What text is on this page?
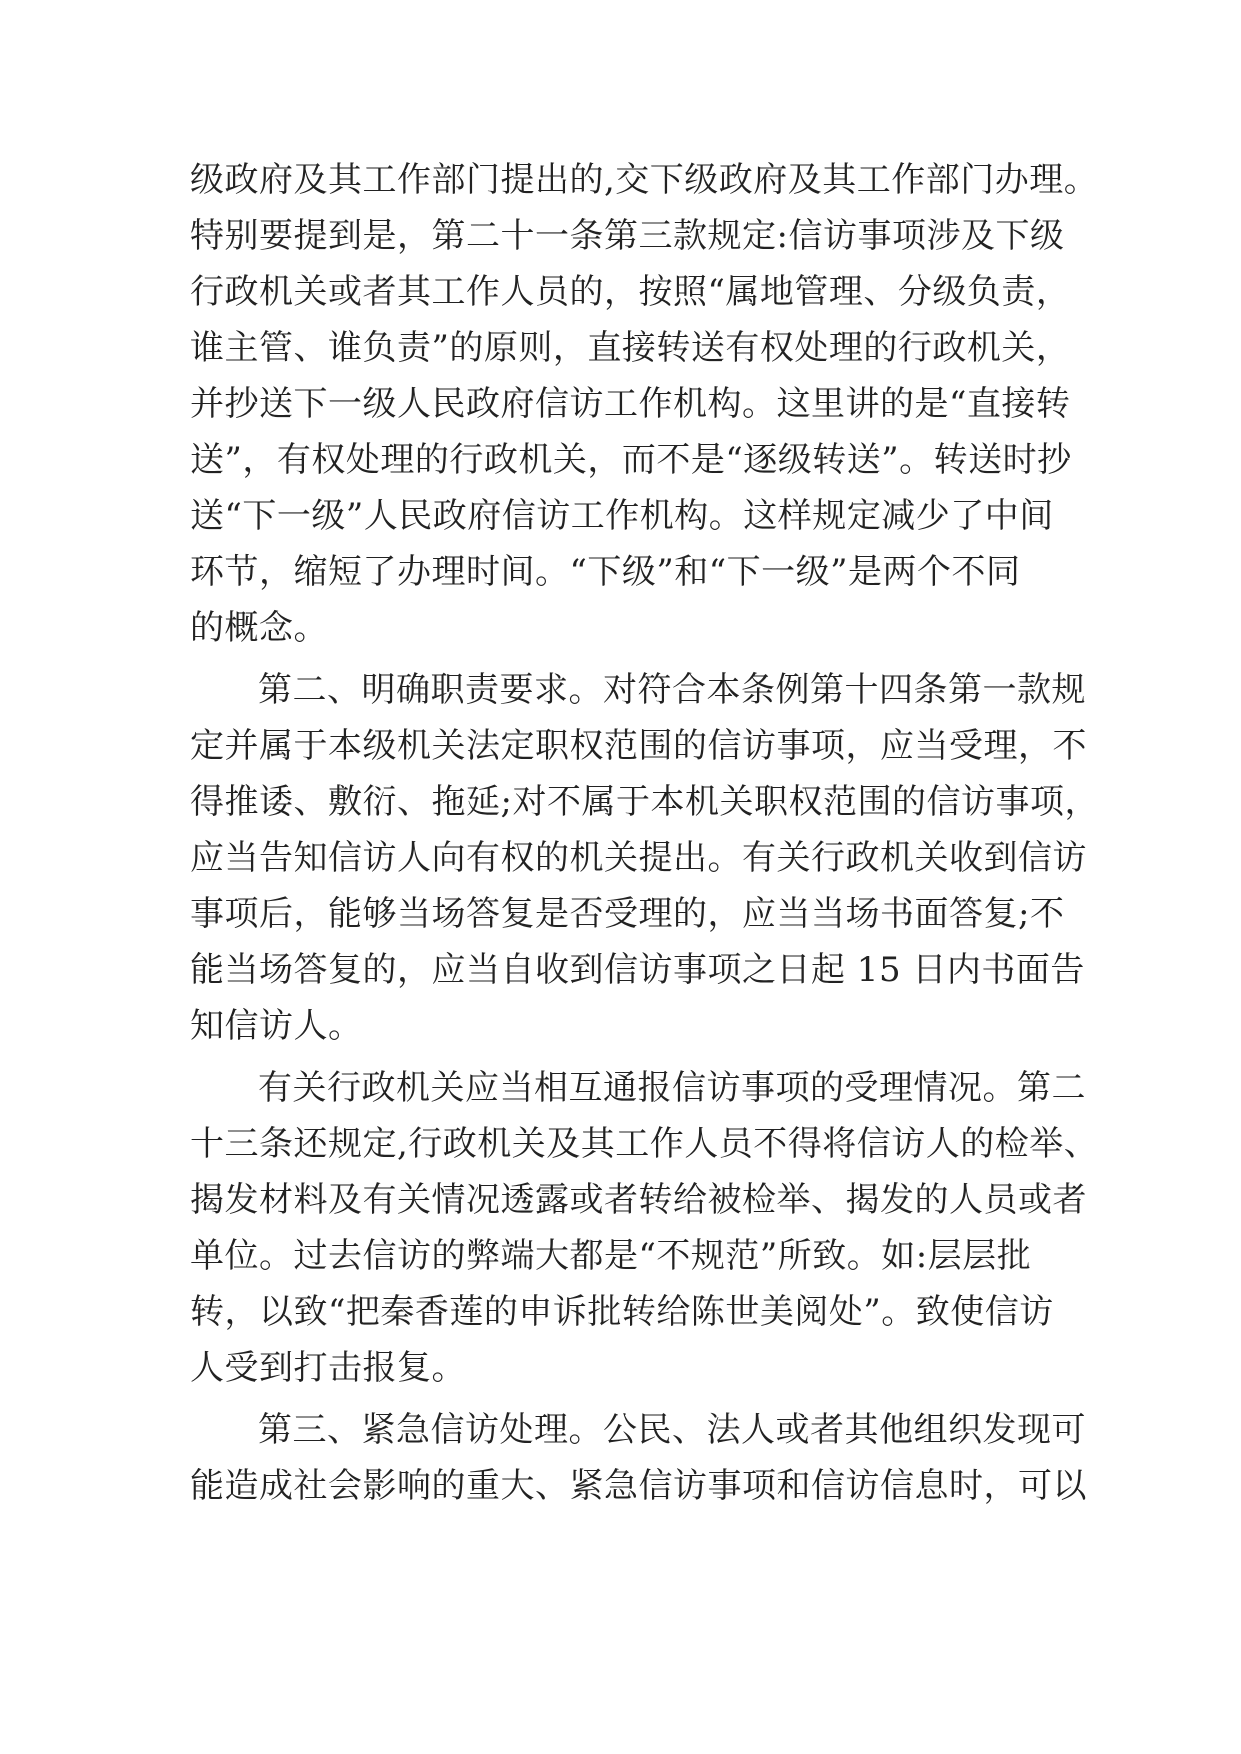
级政府及其工作部门提出的,交下级政府及其工作部门办理。
特别要提到是，第二十一条第三款规定:信访事项涉及下级
行政机关或者其工作人员的，按照“属地管理、分级负责，
谁主管、谁负责”的原则，直接转送有权处理的行政机关，
并抄送下一级人民政府信访工作机构。这里讲的是“直接转
送”，有权处理的行政机关，而不是“逐级转送”。转送时抄
送“下一级”人民政府信访工作机构。这样规定减少了中间
环节，缩短了办理时间。“下级”和“下一级”是两个不同
的概念。
第二、明确职责要求。对符合本条例第十四条第一款规
定并属于本级机关法定职权范围的信访事项，应当受理，不
得推诿、敷衍、拖延;对不属于本机关职权范围的信访事项，
应当告知信访人向有权的机关提出。有关行政机关收到信访
事项后，能够当场答复是否受理的，应当当场书面答复;不
能当场答复的，应当自收到信访事项之日起 15 日内书面告
知信访人。
有关行政机关应当相互通报信访事项的受理情况。第二
十三条还规定,行政机关及其工作人员不得将信访人的检举、
揭发材料及有关情况透露或者转给被检举、揭发的人员或者
单位。过去信访的弊端大都是“不规范”所致。如:层层批
转，以致“把秦香莲的申诉批转给陈世美阅处”。致使信访
人受到打击报复。
第三、紧急信访处理。公民、法人或者其他组织发现可
能造成社会影响的重大、紧急信访事项和信访信息时，可以
